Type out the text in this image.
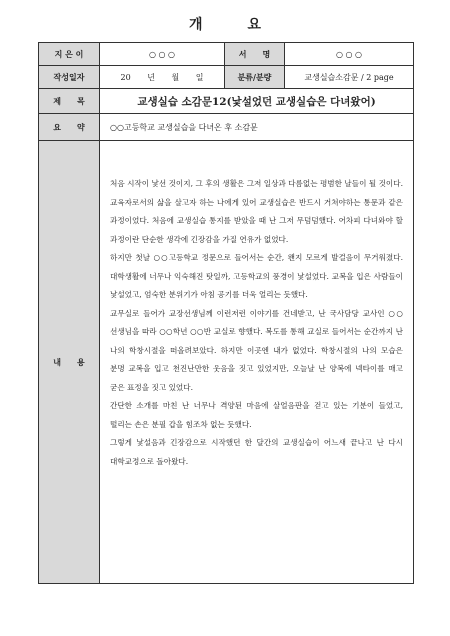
개	요
지 은 이	○ ○ ○	서　　명	○ ○ ○
작성일자	20 년 월 일	분류/분량	교생실습소감문 / 2 page
제　　목	교생실습 소감문12(낯설었던 교생실습은 다녀왔어)		
요　　약	○○고등학교 교생실습을 다녀온 후 소감문		
내　　용	처음 시작이 낯선 것이지, 그 후의 생활은 그저 일상과 다름없는 평범한 날들이 될 것이다. 교육자로서의 삶을 살고자 하는 나에게 있어 교생실습은 반드시 거쳐야하는 통문과 같은 과정이었다. 처음에 교생실습 통지를 받았을 때 난 그저 무덤덤했다. 어차피 다녀와야 할 과정이란 단순한 생각에 긴장감을 가질 연유가 없었다.

하지만 첫날 ○○고등학교 정문으로 들어서는 순간, 왠지 모르게 발걸음이 무거워졌다. 대학생활에 너무나 익숙해진 탓일까, 고등학교의 풍경이 낯설었다. 교복을 입은 사람들이 낯설었고, 엄숙한 분위기가 아침 공기를 더욱 얼리는 듯했다.

교무실로 들어가 교장선생님께 이런저런 이야기를 건네받고, 난 국사담당 교사인 ○○선생님을 따라 ○○학년 ○○반 교실로 향했다. 복도를 통해 교실로 들어서는 순간까지 난 나의 학창시절을 떠올려보았다. 하지만 이곳엔 내가 없었다. 학창시절의 나의 모습은 분명 교복을 입고 천진난만한 웃음을 짓고 있었지만, 오늘날 난 양복에 넥타이를 매고 굳은 표정을 짓고 있었다.

간단한 소개를 마친 난 너무나 격양된 마음에 살얼음판을 걷고 있는 기분이 들었고, 떨리는 손은 분필 갑을 힘조차 없는 듯했다.

그렇게 낯설음과 긴장감으로 시작했던 한 달간의 교생실습이 어느새 끝나고 난 다시 대학교정으로 돌아왔다.		
